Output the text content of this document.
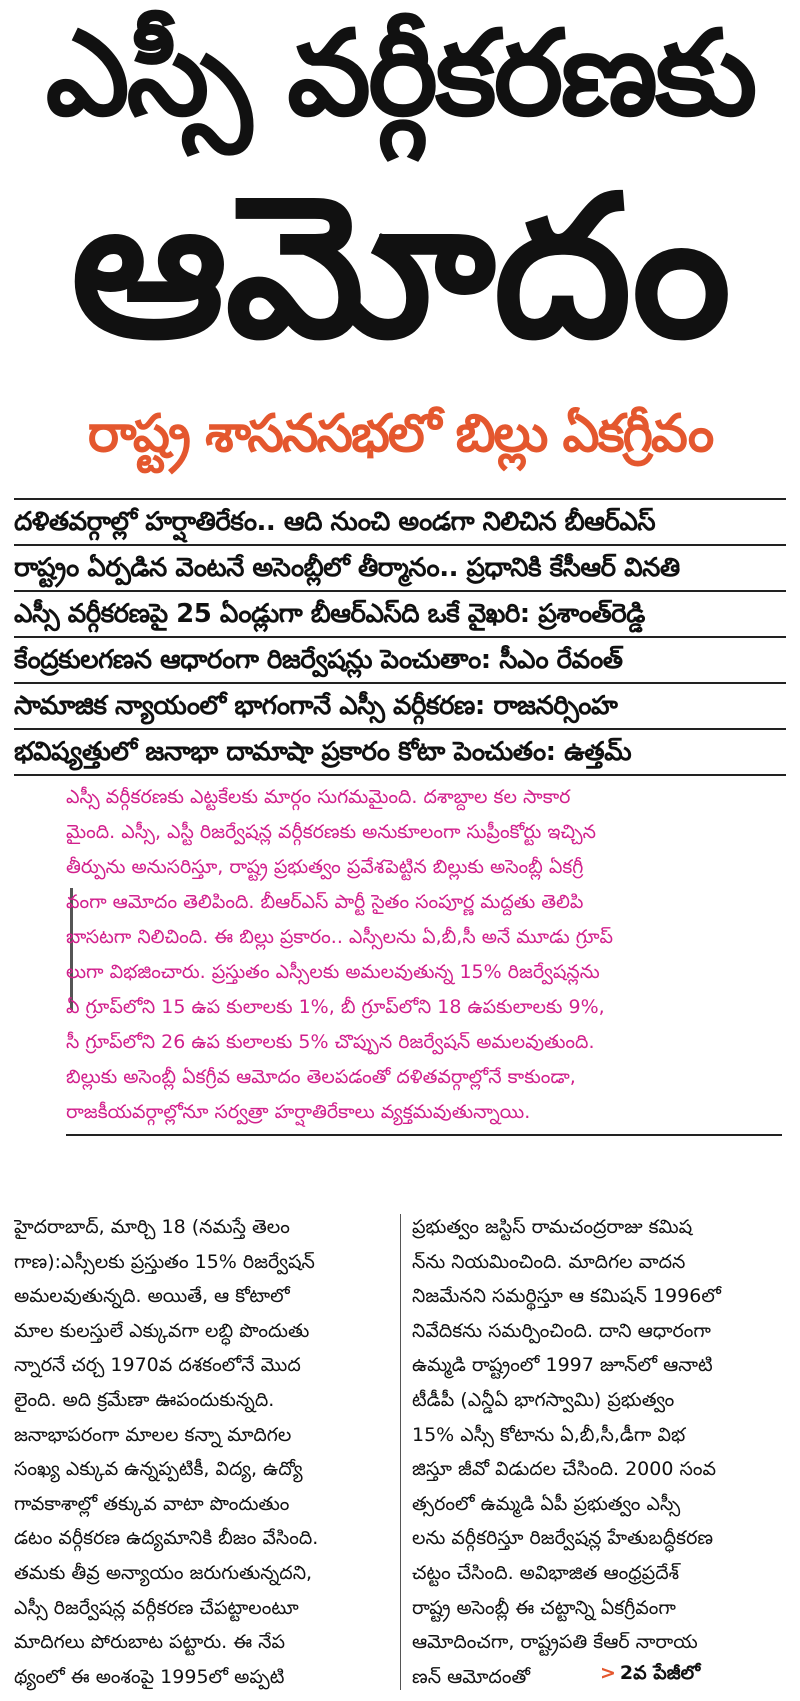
ఎస్సీ వర్గీకరణకు
ఆమోదం
రాష్ట్ర శాసనసభలో బిల్లు ఏకగ్రీవం
దళితవర్గాల్లో హర్షాతిరేకం.. ఆది నుంచి అండగా నిలిచిన బీఆర్ఎస్
రాష్ట్రం ఏర్పడిన వెంటనే అసెంబ్లీలో తీర్మానం.. ప్రధానికి కేసీఆర్ వినతి
ఎస్సీ వర్గీకరణపై 25 ఏండ్లుగా బీఆర్ఎస్‌ది ఒకే వైఖరి: ప్రశాంత్‌రెడ్డి
కేంద్రకులగణన ఆధారంగా రిజర్వేషన్లు పెంచుతాం: సీఎం రేవంత్
సామాజిక న్యాయంలో భాగంగానే ఎస్సీ వర్గీకరణ: రాజనర్సింహ
భవిష్యత్తులో జనాభా దామాషా ప్రకారం కోటా పెంచుతం: ఉత్తమ్
ఎస్సీ వర్గీకరణకు ఎట్టకేలకు మార్గం సుగమమైంది. దశాబ్దాల కల సాకార
మైంది. ఎస్సీ, ఎస్టీ రిజర్వేషన్ల వర్గీకరణకు అనుకూలంగా సుప్రీంకోర్టు ఇచ్చిన
తీర్పును అనుసరిస్తూ, రాష్ట్ర ప్రభుత్వం ప్రవేశపెట్టిన బిల్లుకు అసెంబ్లీ ఏకగ్రీ
వంగా ఆమోదం తెలిపింది. బీఆర్ఎస్ పార్టీ సైతం సంపూర్ణ మద్దతు తెలిపి
బాసటగా నిలిచింది. ఈ బిల్లు ప్రకారం.. ఎస్సీలను ఏ,బీ,సీ అనే మూడు గ్రూప్
లుగా విభజించారు. ప్రస్తుతం ఎస్సీలకు అమలవుతున్న 15% రిజర్వేషన్లను
ఏ గ్రూప్‌లోని 15 ఉప కులాలకు 1%, బీ గ్రూప్‌లోని 18 ఉపకులాలకు 9%,
సీ గ్రూప్‌లోని 26 ఉప కులాలకు 5% చొప్పున రిజర్వేషన్ అమలవుతుంది.
బిల్లుకు అసెంబ్లీ ఏకగ్రీవ ఆమోదం తెలపడంతో దళితవర్గాల్లోనే కాకుండా,
రాజకీయవర్గాల్లోనూ సర్వత్రా హర్షాతిరేకాలు వ్యక్తమవుతున్నాయి.
హైదరాబాద్, మార్చి 18 (నమస్తే తెలం
గాణ):ఎస్సీలకు ప్రస్తుతం 15% రిజర్వేషన్
అమలవుతున్నది. అయితే, ఆ కోటాలో
మాల కులస్తులే ఎక్కువగా లబ్ధి పొందుతు
న్నారనే చర్చ 1970వ దశకంలోనే మొద
లైంది. అది క్రమేణా ఊపందుకున్నది.
జనాభాపరంగా మాలల కన్నా మాదిగల
సంఖ్య ఎక్కువ ఉన్నప్పటికీ, విద్య, ఉద్యో
గావకాశాల్లో తక్కువ వాటా పొందుతుం
డటం వర్గీకరణ ఉద్యమానికి బీజం వేసింది.
తమకు తీవ్ర అన్యాయం జరుగుతున్నదని,
ఎస్సీ రిజర్వేషన్ల వర్గీకరణ చేపట్టాలంటూ
మాదిగలు పోరుబాట పట్టారు. ఈ నేప
థ్యంలో ఈ అంశంపై 1995లో అప్పటి
ప్రభుత్వం జస్టిస్ రామచంద్రరాజు కమిష
న్‌ను నియమించింది. మాదిగల వాదన
నిజమేనని సమర్థిస్తూ ఆ కమిషన్ 1996లో
నివేదికను సమర్పించింది. దాని ఆధారంగా
ఉమ్మడి రాష్ట్రంలో 1997 జూన్‌లో ఆనాటి
టీడీపీ (ఎన్డీఏ భాగస్వామి) ప్రభుత్వం
15% ఎస్సీ కోటాను ఏ,బీ,సీ,డీగా విభ
జిస్తూ జీవో విడుదల చేసింది. 2000 సంవ
త్సరంలో ఉమ్మడి ఏపీ ప్రభుత్వం ఎస్సీ
లను వర్గీకరిస్తూ రిజర్వేషన్ల హేతుబద్ధీకరణ
చట్టం చేసింది. అవిభాజిత ఆంధ్రప్రదేశ్
రాష్ట్ర అసెంబ్లీ ఈ చట్టాన్ని ఏకగ్రీవంగా
ఆమోదించగా, రాష్ట్రపతి కేఆర్ నారాయ
ణన్ ఆమోదంతో	> 2వ పేజీలో
